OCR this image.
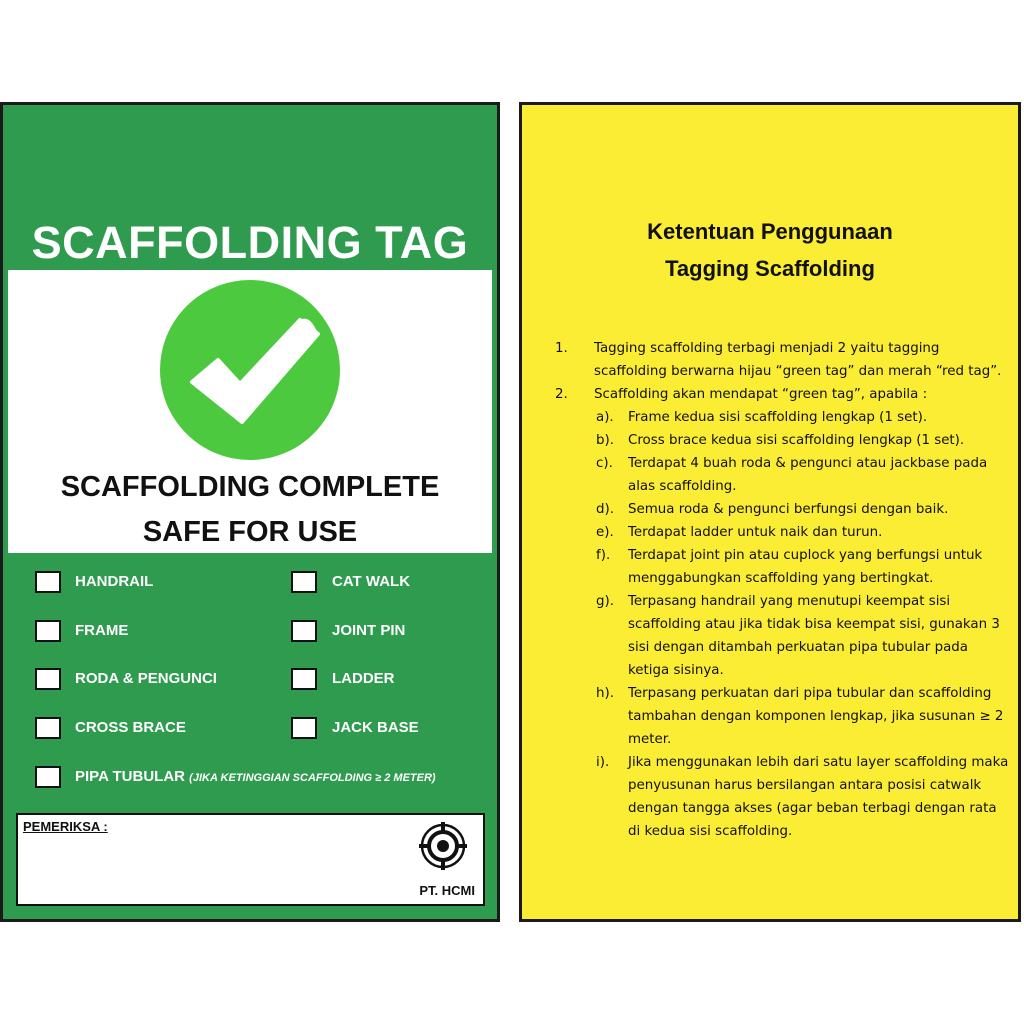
SCAFFOLDING TAG
SCAFFOLDING COMPLETE
SAFE FOR USE
HANDRAIL	CAT WALK
FRAME	JOINT PIN
RODA & PENGUNCI	LADDER
CROSS BRACE	JACK BASE
PIPA TUBULAR (JIKA KETINGGIAN SCAFFOLDING ≥ 2 METER)
PEMERIKSA :
PT. HCMI
Ketentuan Penggunaan
Tagging Scaffolding
1. Tagging scaffolding terbagi menjadi 2 yaitu tagging scaffolding berwarna hijau “green tag” dan merah “red tag”.
2. Scaffolding akan mendapat “green tag”, apabila :
a). Frame kedua sisi scaffolding lengkap (1 set).
b). Cross brace kedua sisi scaffolding lengkap (1 set).
c). Terdapat 4 buah roda & pengunci atau jackbase pada alas scaffolding.
d). Semua roda & pengunci berfungsi dengan baik.
e). Terdapat ladder untuk naik dan turun.
f). Terdapat joint pin atau cuplock yang berfungsi untuk menggabungkan scaffolding yang bertingkat.
g). Terpasang handrail yang menutupi keempat sisi scaffolding atau jika tidak bisa keempat sisi, gunakan 3 sisi dengan ditambah perkuatan pipa tubular pada ketiga sisinya.
h). Terpasang perkuatan dari pipa tubular dan scaffolding tambahan dengan komponen lengkap, jika susunan ≥ 2 meter.
i). Jika menggunakan lebih dari satu layer scaffolding maka penyusunan harus bersilangan antara posisi catwalk dengan tangga akses (agar beban terbagi dengan rata di kedua sisi scaffolding.
